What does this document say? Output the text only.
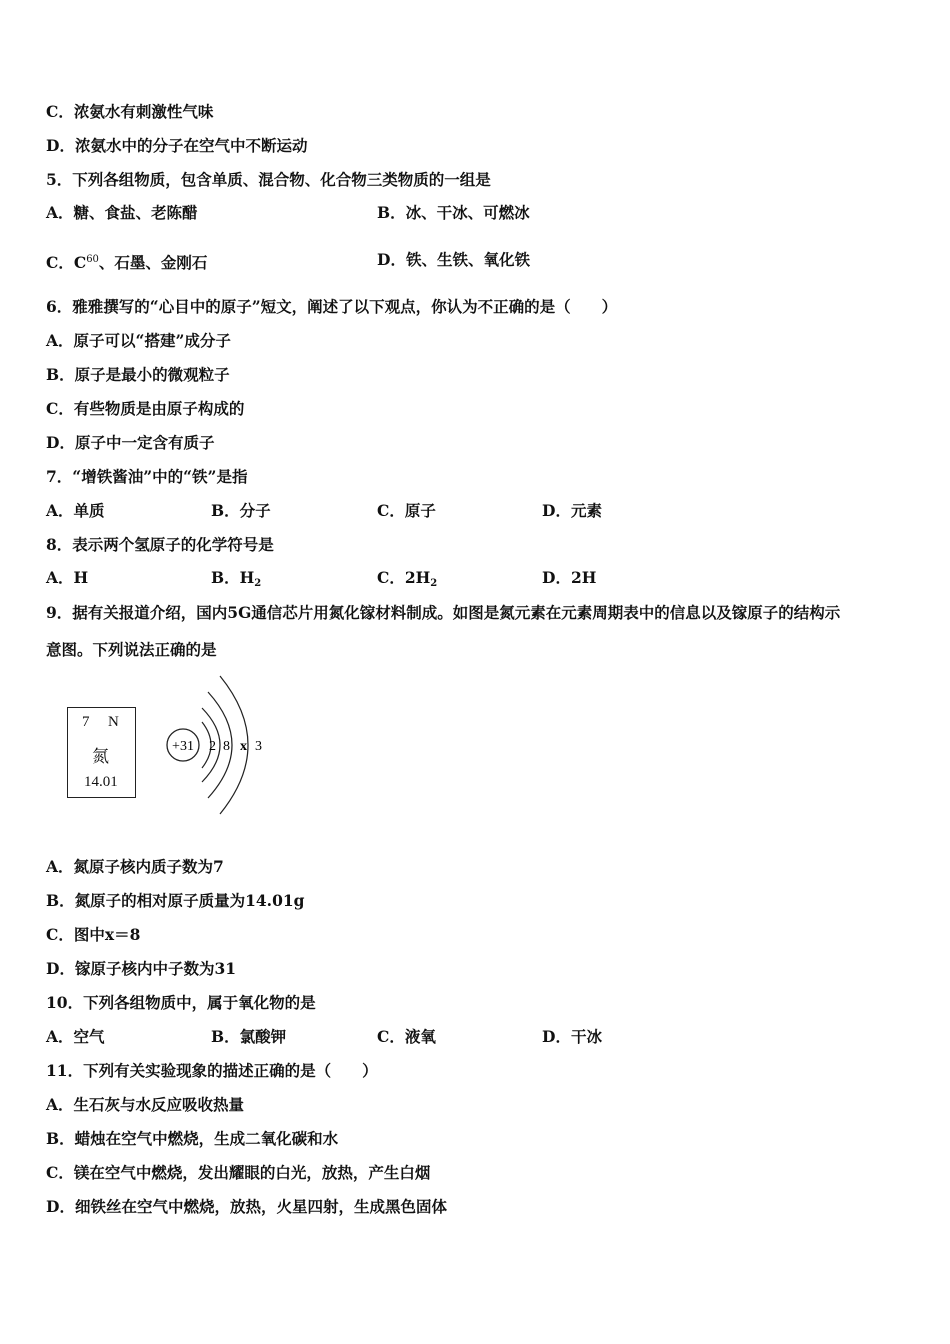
C．浓氨水有刺激性气味
D．浓氨水中的分子在空气中不断运动
5．下列各组物质，包含单质、混合物、化合物三类物质的一组是
A．糖、食盐、老陈醋	B．冰、干冰、可燃冰
C．$C^{60}$、石墨、金刚石	D．铁、生铁、氧化铁
6．雅雅撰写的“心目中的原子”短文，阐述了以下观点，你认为不正确的是（　　）
A．原子可以“搭建”成分子
B．原子是最小的微观粒子
C．有些物质是由原子构成的
D．原子中一定含有质子
7．“增铁酱油”中的“铁”是指
A．单质	B．分子	C．原子	D．元素
8．表示两个氢原子的化学符号是
A．H	B．$H_2$	C．$2H_2$	D．2H
9．据有关报道介绍，国内5G通信芯片用氮化镓材料制成。如图是氮元素在元素周期表中的信息以及镓原子的结构示
意图。下列说法正确的是
7 N
氮
14.01
+31 2 8 x 3
A．氮原子核内质子数为7
B．氮原子的相对原子质量为14.01g
C．图中x＝8
D．镓原子核内中子数为31
10．下列各组物质中，属于氧化物的是
A．空气	B．氯酸钾	C．液氧	D．干冰
11．下列有关实验现象的描述正确的是（　　）
A．生石灰与水反应吸收热量
B．蜡烛在空气中燃烧，生成二氧化碳和水
C．镁在空气中燃烧，发出耀眼的白光，放热，产生白烟
D．细铁丝在空气中燃烧，放热，火星四射，生成黑色固体
